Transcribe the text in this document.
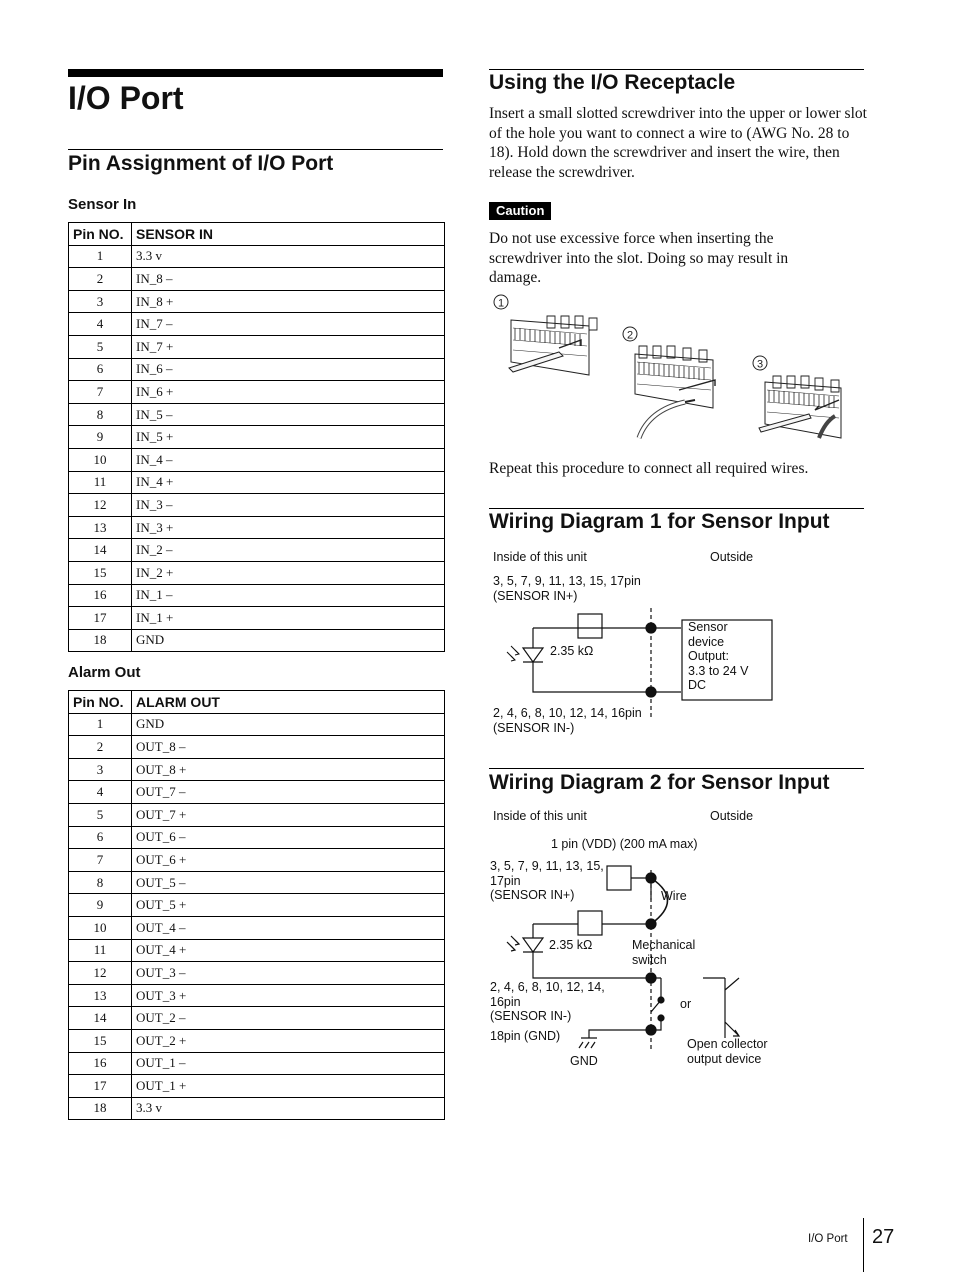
I/O Port
Pin Assignment of I/O Port
Sensor In
Pin NO.	SENSOR IN
1	3.3 v
2	IN_8 –
3	IN_8 +
4	IN_7 –
5	IN_7 +
6	IN_6 –
7	IN_6 +
8	IN_5 –
9	IN_5 +
10	IN_4 –
11	IN_4 +
12	IN_3 –
13	IN_3 +
14	IN_2 –
15	IN_2 +
16	IN_1 –
17	IN_1 +
18	GND
Alarm Out
Pin NO.	ALARM OUT
1	GND
2	OUT_8 –
3	OUT_8 +
4	OUT_7 –
5	OUT_7 +
6	OUT_6 –
7	OUT_6 +
8	OUT_5 –
9	OUT_5 +
10	OUT_4 –
11	OUT_4 +
12	OUT_3 –
13	OUT_3 +
14	OUT_2 –
15	OUT_2 +
16	OUT_1 –
17	OUT_1 +
18	3.3 v
Using the I/O Receptacle
Insert a small slotted screwdriver into the upper or lower slot of the hole you want to connect a wire to (AWG No. 28 to 18). Hold down the screwdriver and insert the wire, then release the screwdriver.
Caution
Do not use excessive force when inserting the screwdriver into the slot. Doing so may result in damage.
1
2
3
Repeat this procedure to connect all required wires.
Wiring Diagram 1 for Sensor Input
Inside of this unit	Outside
3, 5, 7, 9, 11, 13, 15, 17pin
(SENSOR IN+)
2.35 kΩ
2, 4, 6, 8, 10, 12, 14, 16pin
(SENSOR IN-)
Sensor
device
Output:
3.3 to 24 V
DC
Wiring Diagram 2 for Sensor Input
Inside of this unit	Outside
1 pin (VDD) (200 mA max)
3, 5, 7, 9, 11, 13, 15,
17pin
(SENSOR IN+)	Wire
2.35 kΩ	Mechanical
switch
2, 4, 6, 8, 10, 12, 14,
16pin
(SENSOR IN-)
or
18pin (GND)
GND
Open collector
output device
I/O Port 27
